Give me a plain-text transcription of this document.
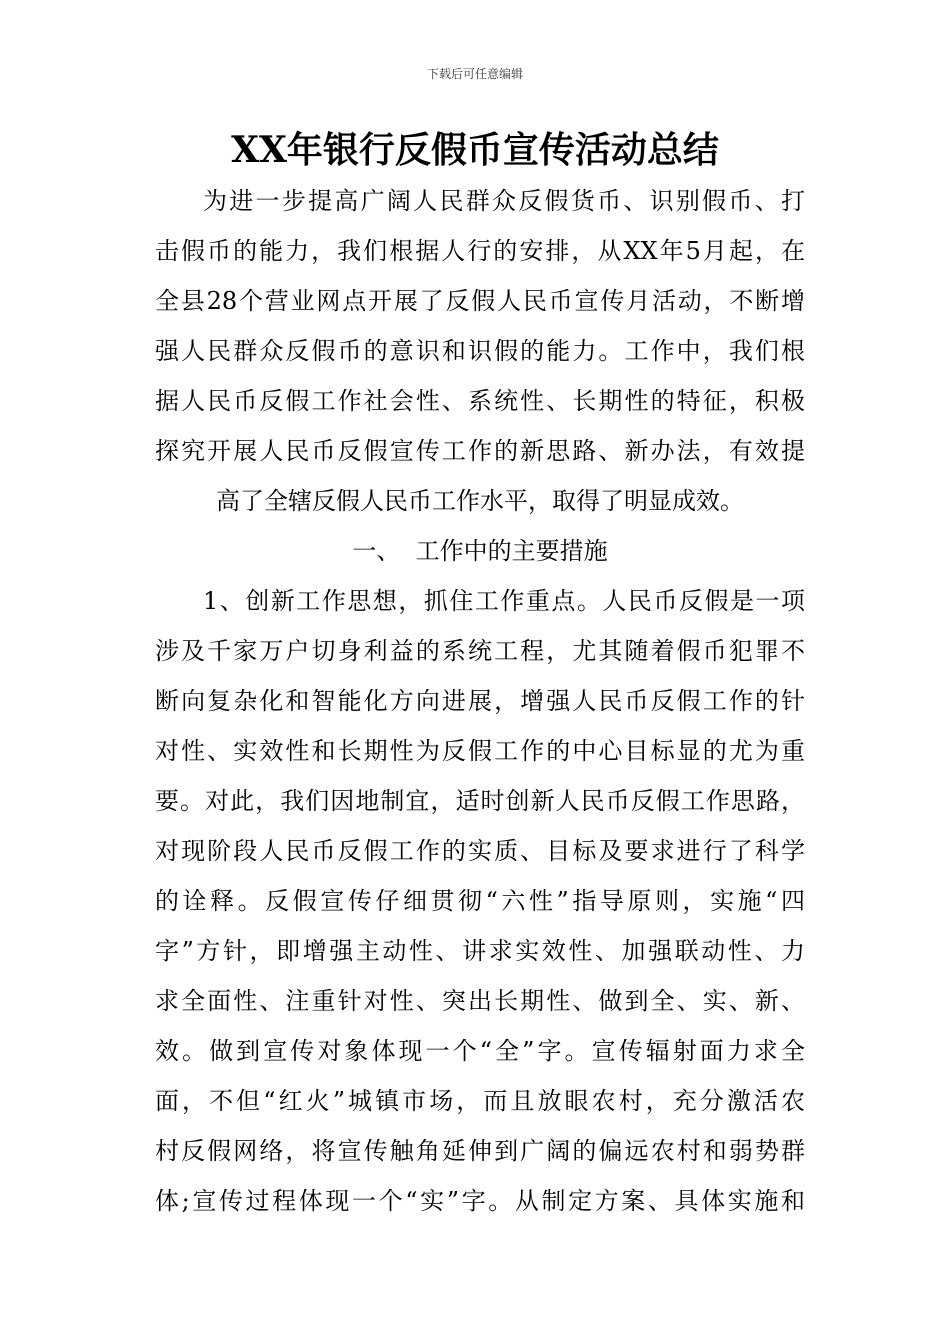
下载后可任意编辑
XX年银行反假币宣传活动总结
为进一步提高广阔人民群众反假货币、识别假币、打
击假币的能力，我们根据人行的安排，从XX年5月起，在
全县28个营业网点开展了反假人民币宣传月活动，不断增
强人民群众反假币的意识和识假的能力。工作中，我们根
据人民币反假工作社会性、系统性、长期性的特征，积极
探究开展人民币反假宣传工作的新思路、新办法，有效提
高了全辖反假人民币工作水平，取得了明显成效。
一、  工作中的主要措施
1、创新工作思想，抓住工作重点。人民币反假是一项
涉及千家万户切身利益的系统工程，尤其随着假币犯罪不
断向复杂化和智能化方向进展，增强人民币反假工作的针
对性、实效性和长期性为反假工作的中心目标显的尤为重
要。对此，我们因地制宜，适时创新人民币反假工作思路，
对现阶段人民币反假工作的实质、目标及要求进行了科学
的诠释。反假宣传仔细贯彻“六性”指导原则，实施“四
字”方针，即增强主动性、讲求实效性、加强联动性、力
求全面性、注重针对性、突出长期性、做到全、实、新、
效。做到宣传对象体现一个“全”字。宣传辐射面力求全
面，不但“红火”城镇市场，而且放眼农村，充分激活农
村反假网络，将宣传触角延伸到广阔的偏远农村和弱势群
体;宣传过程体现一个“实”字。从制定方案、具体实施和
